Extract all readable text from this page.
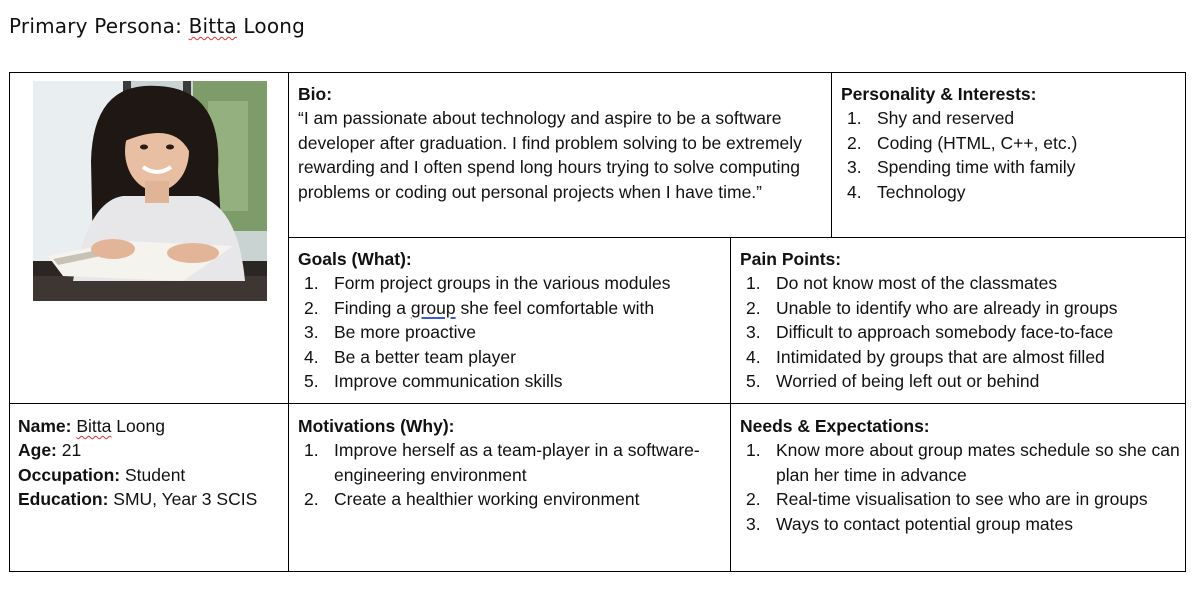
Primary Persona: Bitta Loong
Bio:
“I am passionate about technology and aspire to be a software developer after graduation. I find problem solving to be extremely rewarding and I often spend long hours trying to solve computing problems or coding out personal projects when I have time.”
Personality & Interests:
1. Shy and reserved
2. Coding (HTML, C++, etc.)
3. Spending time with family
4. Technology
Goals (What):
1. Form project groups in the various modules
2. Finding a group she feel comfortable with
3. Be more proactive
4. Be a better team player
5. Improve communication skills
Pain Points:
1. Do not know most of the classmates
2. Unable to identify who are already in groups
3. Difficult to approach somebody face-to-face
4. Intimidated by groups that are almost filled
5. Worried of being left out or behind
Name: Bitta Loong
Age: 21
Occupation: Student
Education: SMU, Year 3 SCIS
Motivations (Why):
1. Improve herself as a team-player in a software-engineering environment
2. Create a healthier working environment
Needs & Expectations:
1. Know more about group mates schedule so she can plan her time in advance
2. Real-time visualisation to see who are in groups
3. Ways to contact potential group mates
